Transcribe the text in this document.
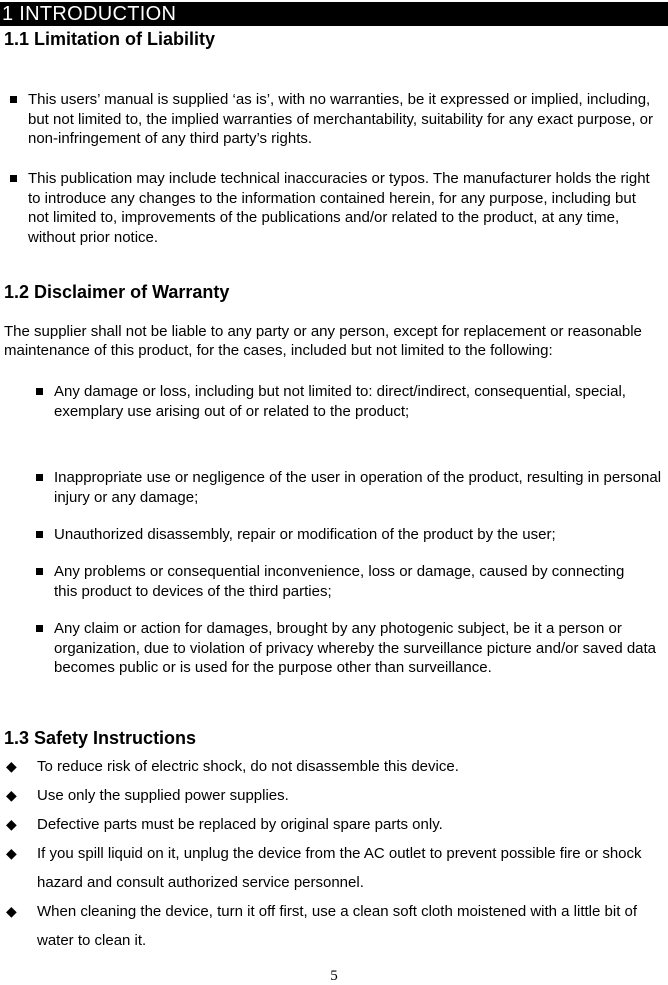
1 INTRODUCTION
1.1 Limitation of Liability
This users’ manual is supplied ‘as is’, with no warranties, be it expressed or implied, including, but not limited to, the implied warranties of merchantability, suitability for any exact purpose, or non-infringement of any third party’s rights.
This publication may include technical inaccuracies or typos. The manufacturer holds the right to introduce any changes to the information contained herein, for any purpose, including but not limited to, improvements of the publications and/or related to the product, at any time, without prior notice.
1.2 Disclaimer of Warranty
The supplier shall not be liable to any party or any person, except for replacement or reasonable maintenance of this product, for the cases, included but not limited to the following:
Any damage or loss, including but not limited to: direct/indirect, consequential, special, exemplary use arising out of or related to the product;
Inappropriate use or negligence of the user in operation of the product, resulting in personal injury or any damage;
Unauthorized disassembly, repair or modification of the product by the user;
Any problems or consequential inconvenience, loss or damage, caused by connecting this product to devices of the third parties;
Any claim or action for damages, brought by any photogenic subject, be it a person or organization, due to violation of privacy whereby the surveillance picture and/or saved data becomes public or is used for the purpose other than surveillance.
1.3 Safety Instructions
◆ To reduce risk of electric shock, do not disassemble this device.
◆ Use only the supplied power supplies.
◆ Defective parts must be replaced by original spare parts only.
◆ If you spill liquid on it, unplug the device from the AC outlet to prevent possible fire or shock hazard and consult authorized service personnel.
◆ When cleaning the device, turn it off first, use a clean soft cloth moistened with a little bit of water to clean it.
5
